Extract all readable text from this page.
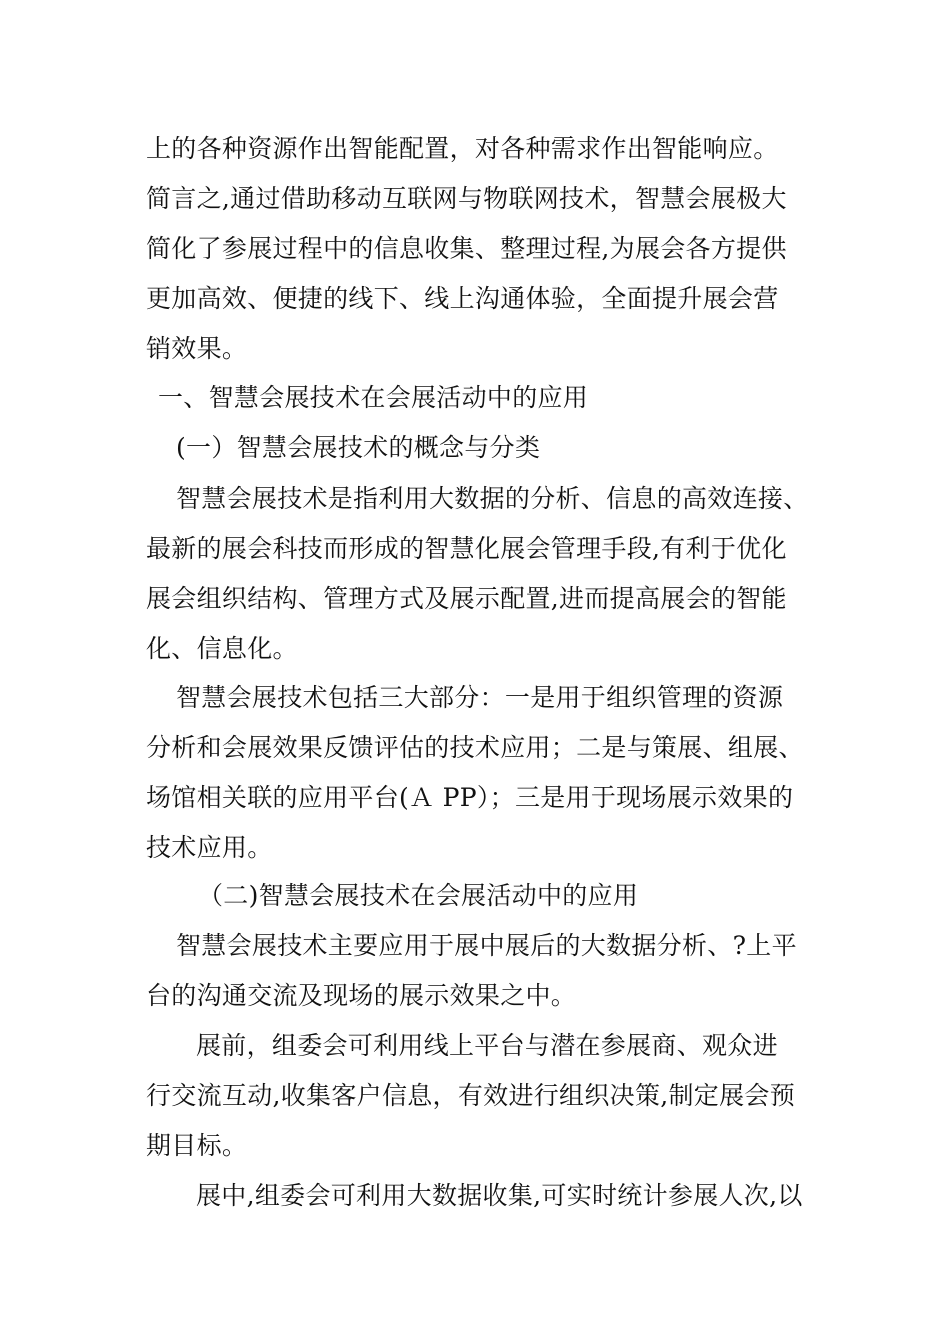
上的各种资源作出智能配置，对各种需求作出智能响应。
简言之,通过借助移动互联网与物联网技术，智慧会展极大
简化了参展过程中的信息收集、整理过程,为展会各方提供
更加高效、便捷的线下、线上沟通体验，全面提升展会营
销效果。
一、智慧会展技术在会展活动中的应用
(一）智慧会展技术的概念与分类
智慧会展技术是指利用大数据的分析、信息的高效连接、
最新的展会科技而形成的智慧化展会管理手段,有利于优化
展会组织结构、管理方式及展示配置,进而提高展会的智能
化、信息化。
智慧会展技术包括三大部分：一是用于组织管理的资源
分析和会展效果反馈评估的技术应用；二是与策展、组展、
场馆相关联的应用平台(Ａ PP）；三是用于现场展示效果的
技术应用。
（二)智慧会展技术在会展活动中的应用
智慧会展技术主要应用于展中展后的大数据分析、?上平
台的沟通交流及现场的展示效果之中。
展前，组委会可利用线上平台与潜在参展商、观众进
行交流互动,收集客户信息，有效进行组织决策,制定展会预
期目标。
展中,组委会可利用大数据收集,可实时统计参展人次,以
